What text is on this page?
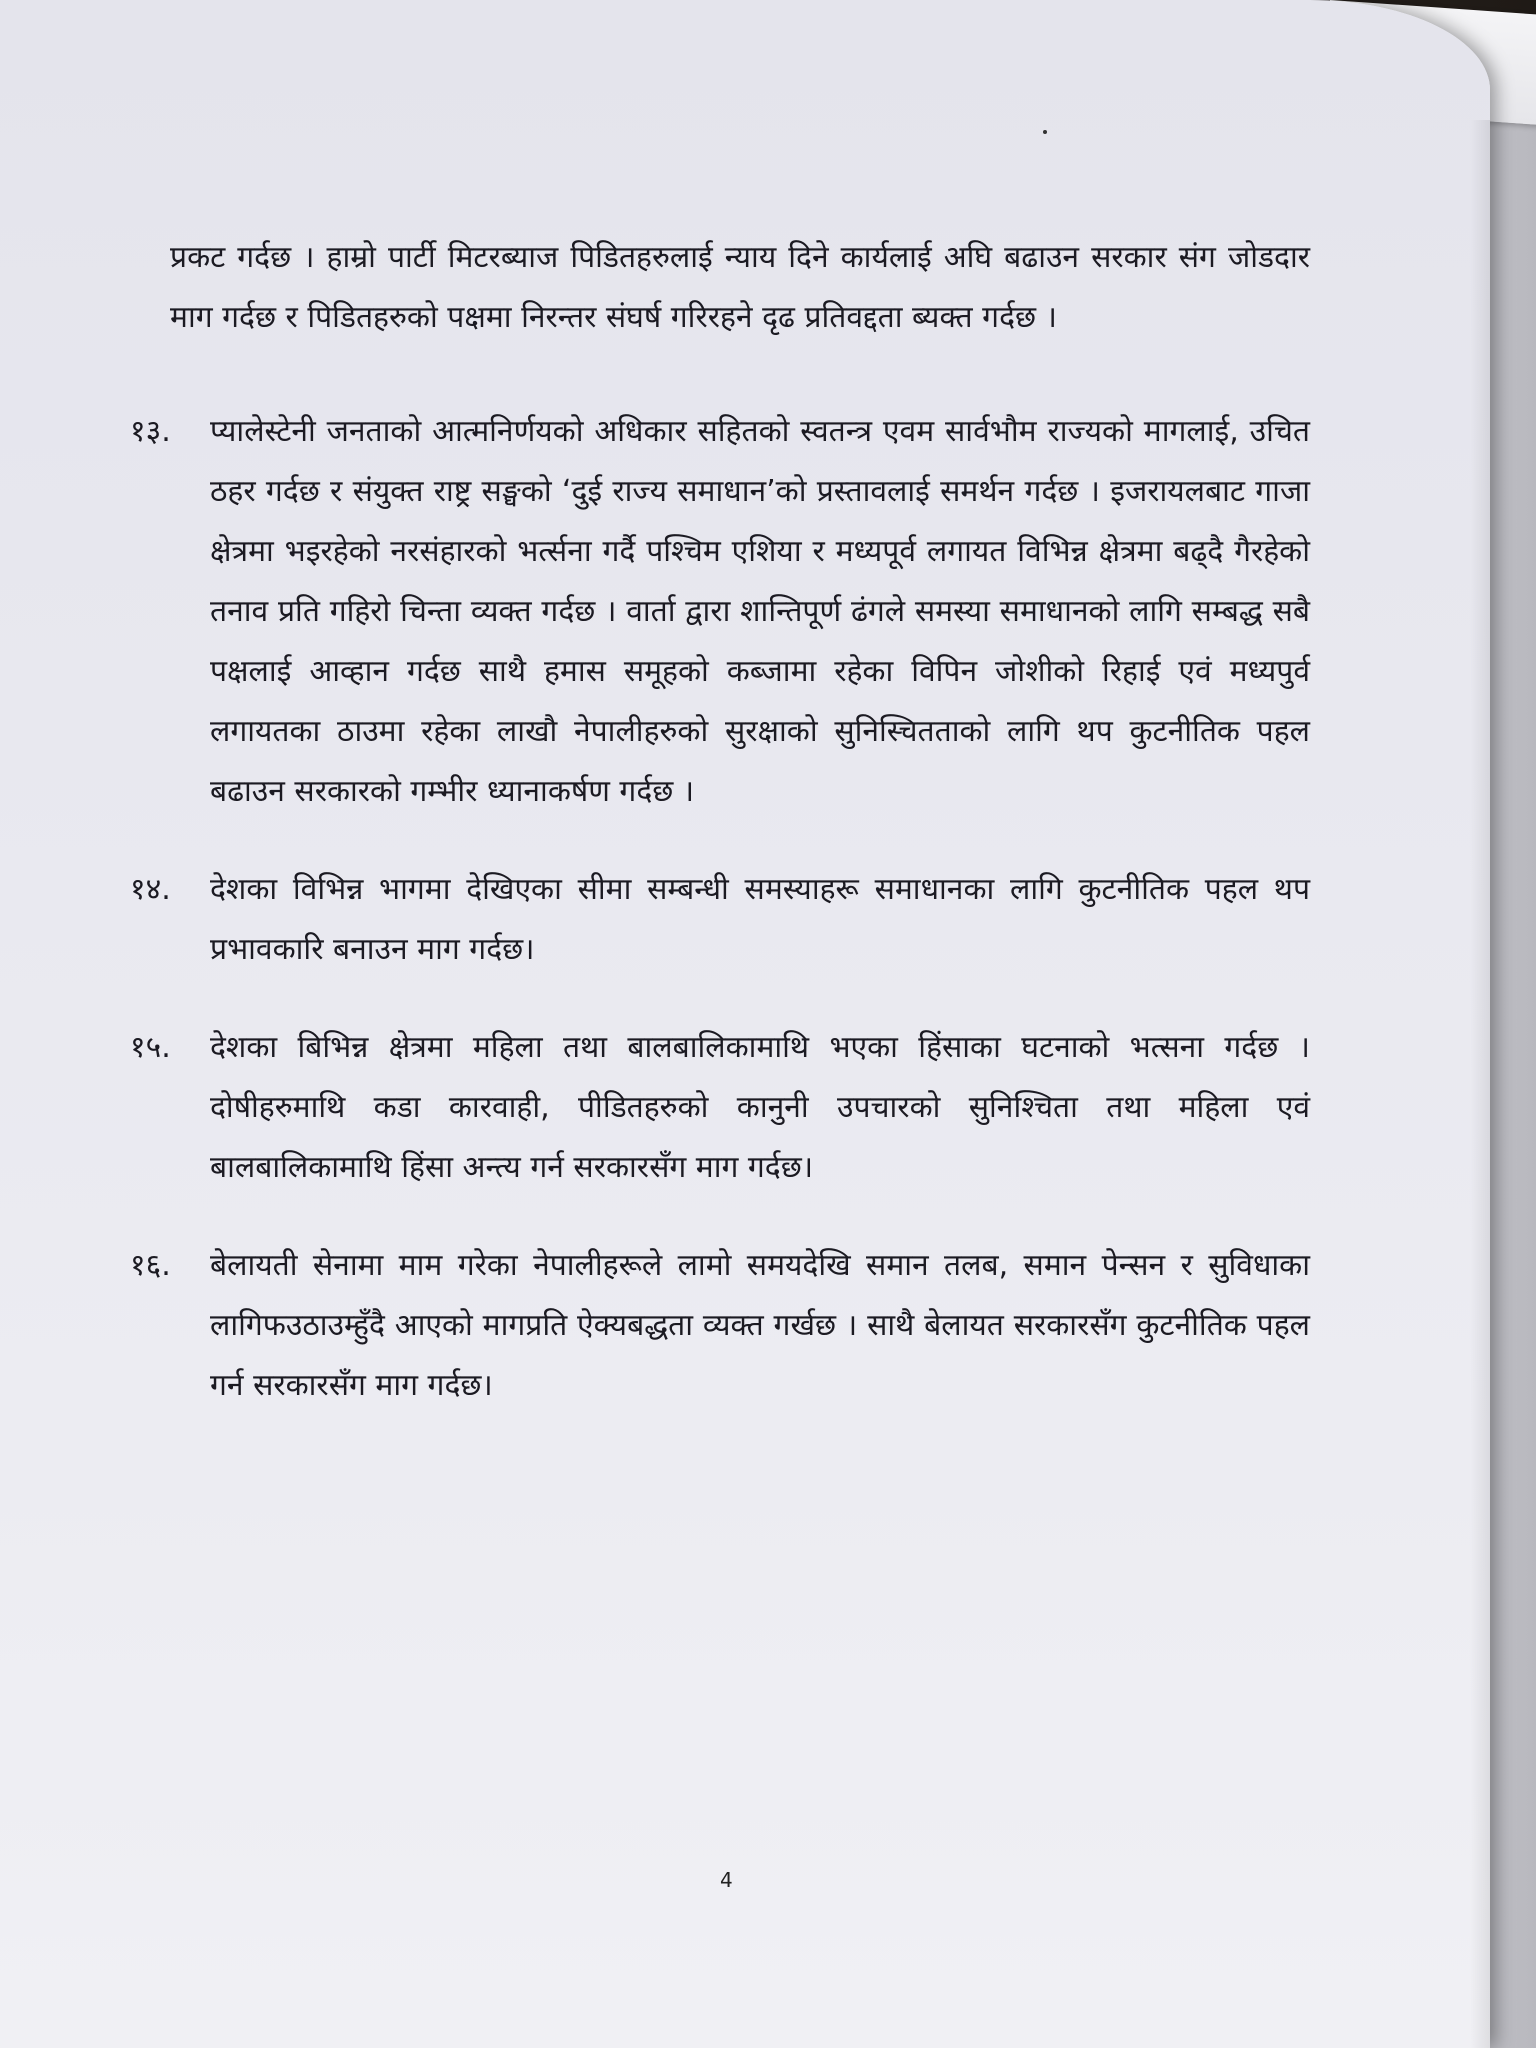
प्रकट गर्दछ । हाम्रो पार्टी मिटरब्याज पिडितहरुलाई न्याय दिने कार्यलाई अघि बढाउन सरकार संग जोडदार माग गर्दछ र पिडितहरुको पक्षमा निरन्तर संघर्ष गरिरहने दृढ प्रतिवद्दता ब्यक्त गर्दछ ।

१३. प्यालेस्टेनी जनताको आत्मनिर्णयको अधिकार सहितको स्वतन्त्र एवम सार्वभौम राज्यको मागलाई, उचित ठहर गर्दछ र संयुक्त राष्ट्र सङ्घको ‘दुई राज्य समाधान’को प्रस्तावलाई समर्थन गर्दछ । इजरायलबाट गाजा क्षेत्रमा भइरहेको नरसंहारको भर्त्सना गर्दै पश्चिम एशिया र मध्यपूर्व लगायत विभिन्न क्षेत्रमा बढ्दै गैरहेको तनाव प्रति गहिरो चिन्ता व्यक्त गर्दछ । वार्ता द्वारा शान्तिपूर्ण ढंगले समस्या समाधानको लागि सम्बद्ध सबै पक्षलाई आव्हान गर्दछ साथै हमास समूहको कब्जामा रहेका विपिन जोशीको रिहाई एवं मध्यपुर्व लगायतका ठाउमा रहेका लाखौ नेपालीहरुको सुरक्षाको सुनिस्चितताको लागि थप कुटनीतिक पहल बढाउन सरकारको गम्भीर ध्यानाकर्षण गर्दछ ।

१४. देशका विभिन्न भागमा देखिएका सीमा सम्बन्धी समस्याहरू समाधानका लागि कुटनीतिक पहल थप प्रभावकारि बनाउन माग गर्दछ।

१५. देशका बिभिन्न क्षेत्रमा महिला तथा बालबालिकामाथि भएका हिंसाका घटनाको भत्सना गर्दछ । दोषीहरुमाथि कडा कारवाही, पीडितहरुको कानुनी उपचारको सुनिश्चिता तथा महिला एवं बालबालिकामाथि हिंसा अन्त्य गर्न सरकारसँग माग गर्दछ।

१६. बेलायती सेनामा माम गरेका नेपालीहरूले लामो समयदेखि समान तलब, समान पेन्सन र सुविधाका लागिफउठाउम्हुँदै आएको मागप्रति ऐक्यबद्धता व्यक्त गर्खछ । साथै बेलायत सरकारसँग कुटनीतिक पहल गर्न सरकारसँग माग गर्दछ।

4
